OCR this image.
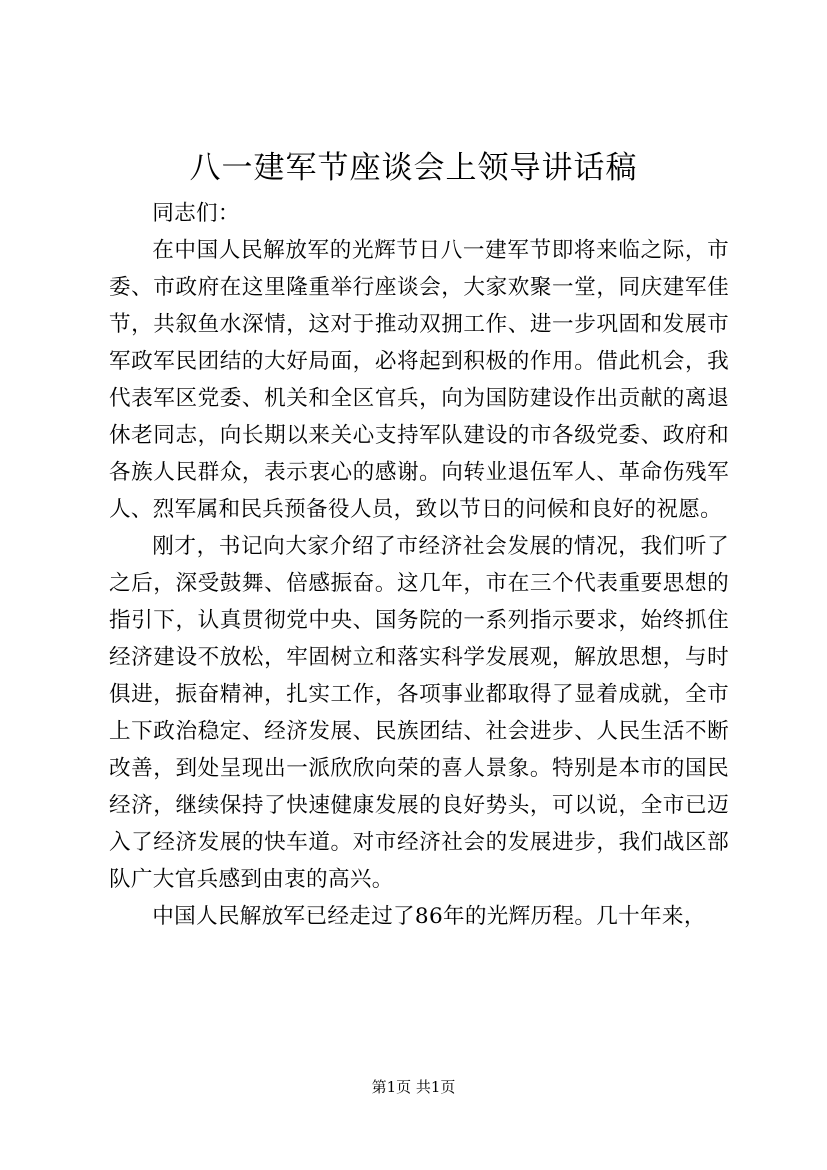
八一建军节座谈会上领导讲话稿

同志们：

在中国人民解放军的光辉节日八一建军节即将来临之际，市委、市政府在这里隆重举行座谈会，大家欢聚一堂，同庆建军佳节，共叙鱼水深情，这对于推动双拥工作、进一步巩固和发展市军政军民团结的大好局面，必将起到积极的作用。借此机会，我代表军区党委、机关和全区官兵，向为国防建设作出贡献的离退休老同志，向长期以来关心支持军队建设的市各级党委、政府和各族人民群众，表示衷心的感谢。向转业退伍军人、革命伤残军人、烈军属和民兵预备役人员，致以节日的问候和良好的祝愿。

刚才，书记向大家介绍了市经济社会发展的情况，我们听了之后，深受鼓舞、倍感振奋。这几年，市在三个代表重要思想的指引下，认真贯彻党中央、国务院的一系列指示要求，始终抓住经济建设不放松，牢固树立和落实科学发展观，解放思想，与时俱进，振奋精神，扎实工作，各项事业都取得了显着成就，全市上下政治稳定、经济发展、民族团结、社会进步、人民生活不断改善，到处呈现出一派欣欣向荣的喜人景象。特别是本市的国民经济，继续保持了快速健康发展的良好势头，可以说，全市已迈入了经济发展的快车道。对市经济社会的发展进步，我们战区部队广大官兵感到由衷的高兴。

中国人民解放军已经走过了86年的光辉历程。几十年来，

第1页 共1页
